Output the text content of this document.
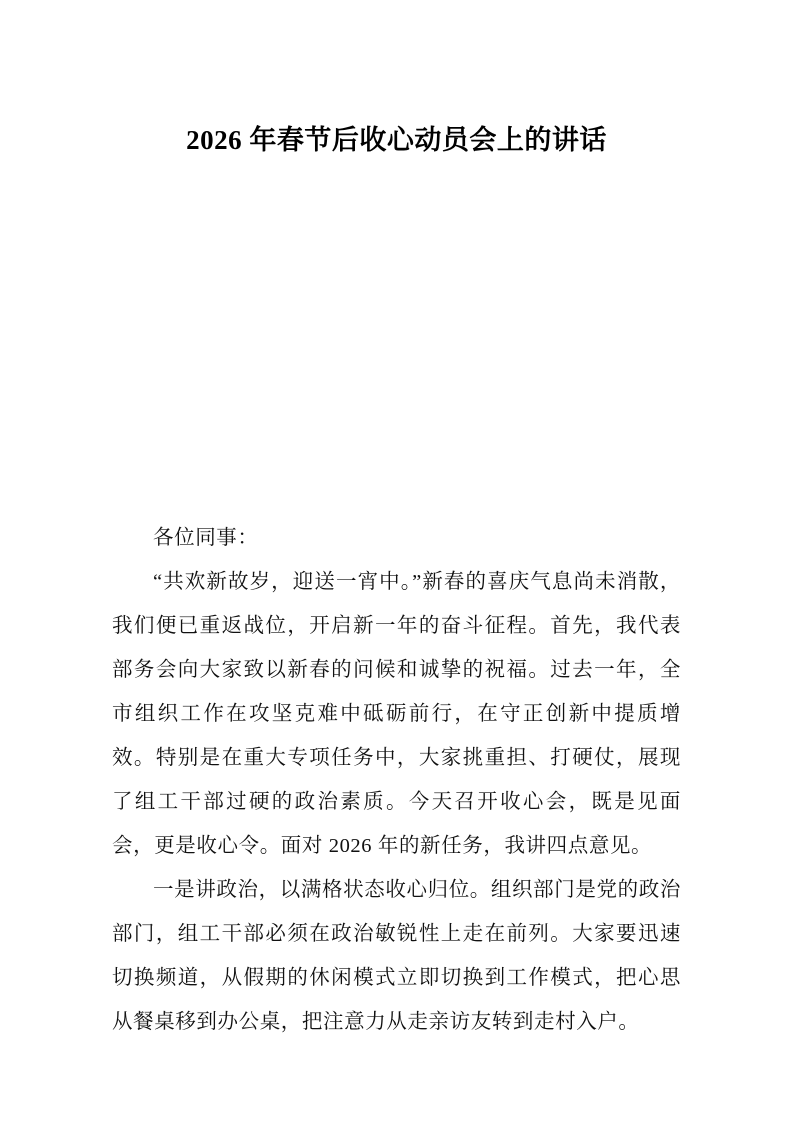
2026 年春节后收心动员会上的讲话

各位同事：

“共欢新故岁，迎送一宵中。”新春的喜庆气息尚未消散，我们便已重返战位，开启新一年的奋斗征程。首先，我代表部务会向大家致以新春的问候和诚挚的祝福。过去一年，全市组织工作在攻坚克难中砥砺前行，在守正创新中提质增效。特别是在重大专项任务中，大家挑重担、打硬仗，展现了组工干部过硬的政治素质。今天召开收心会，既是见面会，更是收心令。面对 2026 年的新任务，我讲四点意见。

一是讲政治，以满格状态收心归位。组织部门是党的政治部门，组工干部必须在政治敏锐性上走在前列。大家要迅速切换频道，从假期的休闲模式立即切换到工作模式，把心思从餐桌移到办公桌，把注意力从走亲访友转到走村入户。
